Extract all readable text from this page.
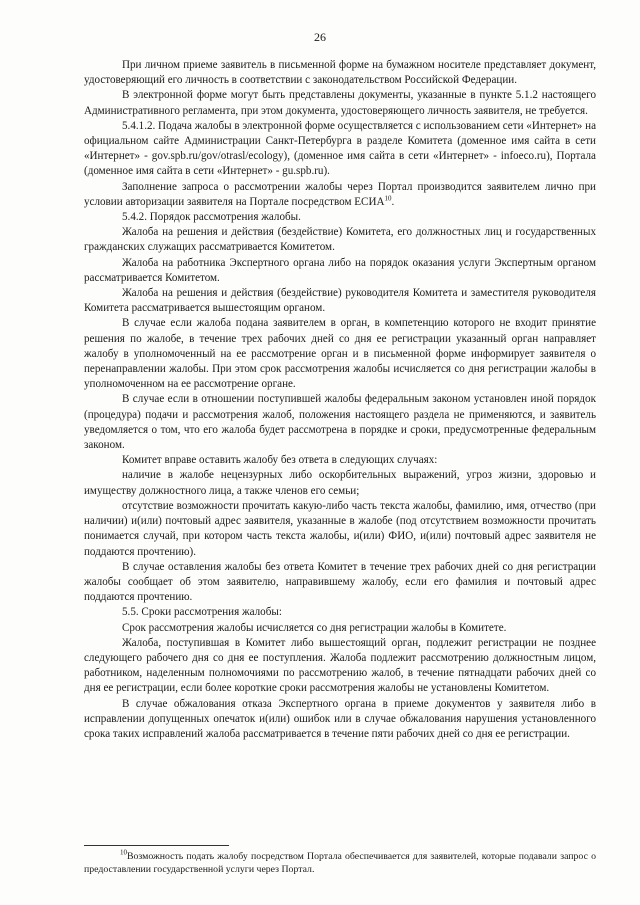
26

При личном приеме заявитель в письменной форме на бумажном носителе представляет документ, удостоверяющий его личность в соответствии с законодательством Российской Федерации.

В электронной форме могут быть представлены документы, указанные в пункте 5.1.2 настоящего Административного регламента, при этом документа, удостоверяющего личность заявителя, не требуется.

5.4.1.2. Подача жалобы в электронной форме осуществляется с использованием сети «Интернет» на официальном сайте Администрации Санкт-Петербурга в разделе Комитета (доменное имя сайта в сети «Интернет» - gov.spb.ru/gov/otrasl/ecology), (доменное имя сайта в сети «Интернет» - infoeco.ru), Портала (доменное имя сайта в сети «Интернет» - gu.spb.ru).

Заполнение запроса о рассмотрении жалобы через Портал производится заявителем лично при условии авторизации заявителя на Портале посредством ЕСИА$^{10}$.

5.4.2. Порядок рассмотрения жалобы.

Жалоба на решения и действия (бездействие) Комитета, его должностных лиц и государственных гражданских служащих рассматривается Комитетом.

Жалоба на работника Экспертного органа либо на порядок оказания услуги Экспертным органом рассматривается Комитетом.

Жалоба на решения и действия (бездействие) руководителя Комитета и заместителя руководителя Комитета рассматривается вышестоящим органом.

В случае если жалоба подана заявителем в орган, в компетенцию которого не входит принятие решения по жалобе, в течение трех рабочих дней со дня ее регистрации указанный орган направляет жалобу в уполномоченный на ее рассмотрение орган и в письменной форме информирует заявителя о перенаправлении жалобы. При этом срок рассмотрения жалобы исчисляется со дня регистрации жалобы в уполномоченном на ее рассмотрение органе.

В случае если в отношении поступившей жалобы федеральным законом установлен иной порядок (процедура) подачи и рассмотрения жалоб, положения настоящего раздела не применяются, и заявитель уведомляется о том, что его жалоба будет рассмотрена в порядке и сроки, предусмотренные федеральным законом.

Комитет вправе оставить жалобу без ответа в следующих случаях:

наличие в жалобе нецензурных либо оскорбительных выражений, угроз жизни, здоровью и имуществу должностного лица, а также членов его семьи;

отсутствие возможности прочитать какую-либо часть текста жалобы, фамилию, имя, отчество (при наличии) и(или) почтовый адрес заявителя, указанные в жалобе (под отсутствием возможности прочитать понимается случай, при котором часть текста жалобы, и(или) ФИО, и(или) почтовый адрес заявителя не поддаются прочтению).

В случае оставления жалобы без ответа Комитет в течение трех рабочих дней со дня регистрации жалобы сообщает об этом заявителю, направившему жалобу, если его фамилия и почтовый адрес поддаются прочтению.

5.5. Сроки рассмотрения жалобы:

Срок рассмотрения жалобы исчисляется со дня регистрации жалобы в Комитете.

Жалоба, поступившая в Комитет либо вышестоящий орган, подлежит регистрации не позднее следующего рабочего дня со дня ее поступления. Жалоба подлежит рассмотрению должностным лицом, работником, наделенным полномочиями по рассмотрению жалоб, в течение пятнадцати рабочих дней со дня ее регистрации, если более короткие сроки рассмотрения жалобы не установлены Комитетом.

В случае обжалования отказа Экспертного органа в приеме документов у заявителя либо в исправлении допущенных опечаток и(или) ошибок или в случае обжалования нарушения установленного срока таких исправлений жалоба рассматривается в течение пяти рабочих дней со дня ее регистрации.

$^{10}$Возможность подать жалобу посредством Портала обеспечивается для заявителей, которые подавали запрос о предоставлении государственной услуги через Портал.
